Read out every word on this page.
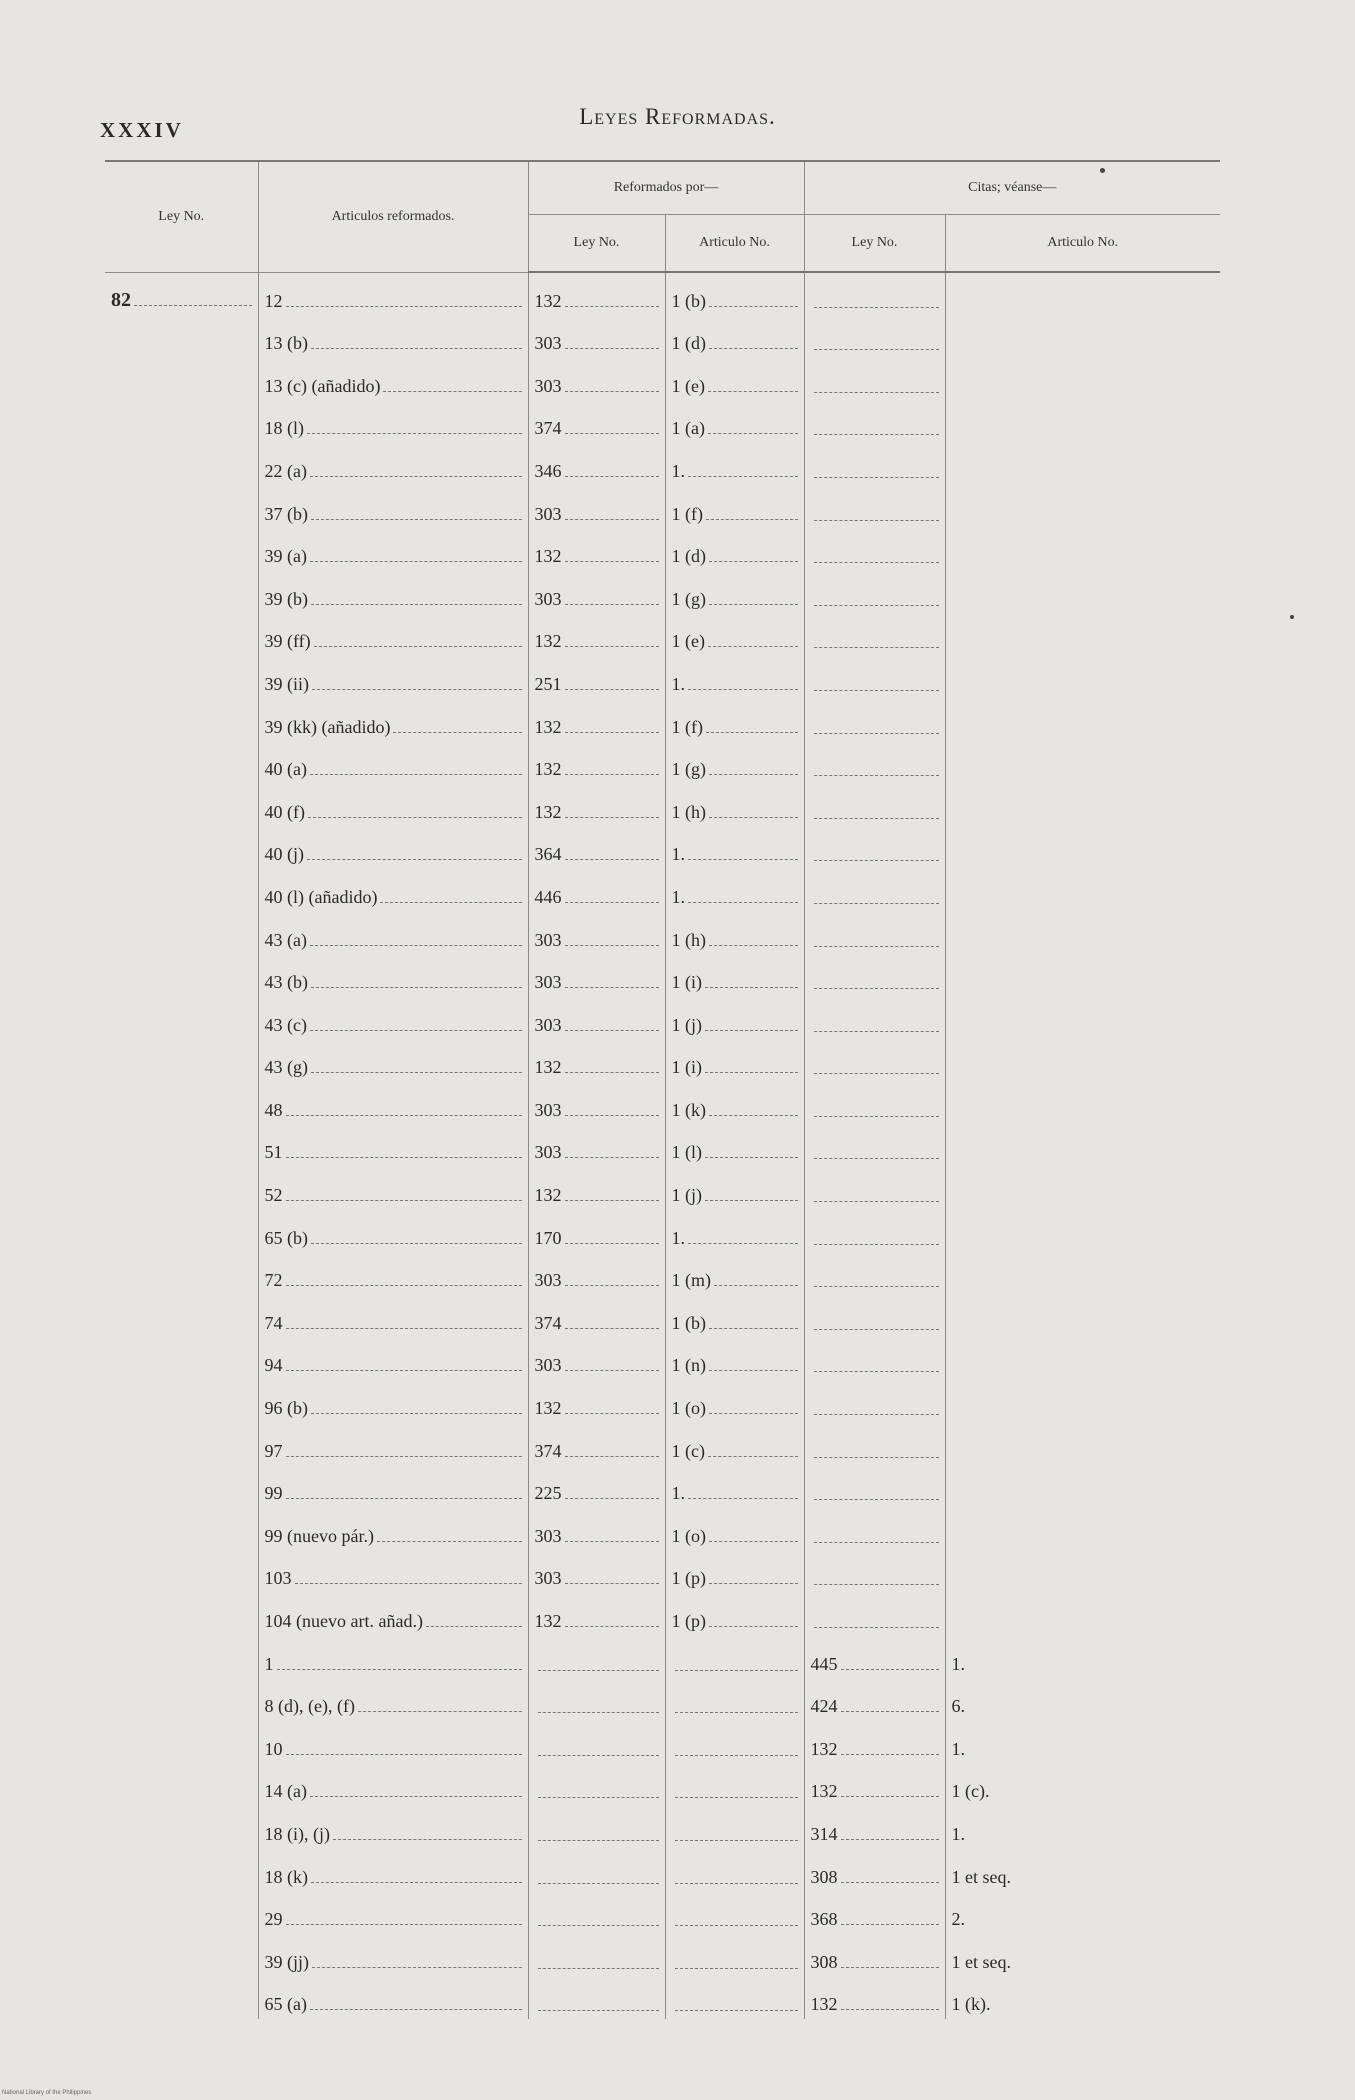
XXXIV
Leyes Reformadas.
Ley No.	Articulos reformados.	Reformados por—		Citas; véanse—	
		Ley No.	Articulo No.	Ley No.	Articulo No.

82	12	132	1 (b)		

	13 (b)	303	1 (d)		

	13 (c) (añadido)	303	1 (e)		

	18 (l)	374	1 (a)		

	22 (a)	346	1.		

	37 (b)	303	1 (f)		

	39 (a)	132	1 (d)		

	39 (b)	303	1 (g)		

	39 (ff)	132	1 (e)		

	39 (ii)	251	1.		

	39 (kk) (añadido)	132	1 (f)		

	40 (a)	132	1 (g)		

	40 (f)	132	1 (h)		

	40 (j)	364	1.		

	40 (l) (añadido)	446	1.		

	43 (a)	303	1 (h)		

	43 (b)	303	1 (i)		

	43 (c)	303	1 (j)		

	43 (g)	132	1 (i)		

	48	303	1 (k)		

	51	303	1 (l)		

	52	132	1 (j)		

	65 (b)	170	1.		

	72	303	1 (m)		

	74	374	1 (b)		

	94	303	1 (n)		

	96 (b)	132	1 (o)		

	97	374	1 (c)		

	99	225	1.		

	99 (nuevo pár.)	303	1 (o)		

	103	303	1 (p)		

	104 (nuevo art. añad.)	132	1 (p)		

	1			445	1.

	8 (d), (e), (f)			424	6.

	10			132	1.

	14 (a)			132	1 (c).

	18 (i), (j)			314	1.

	18 (k)			308	1 et seq.

	29			368	2.

	39 (jj)			308	1 et seq.

	65 (a)			132	1 (k).
National Library of the Philippines
